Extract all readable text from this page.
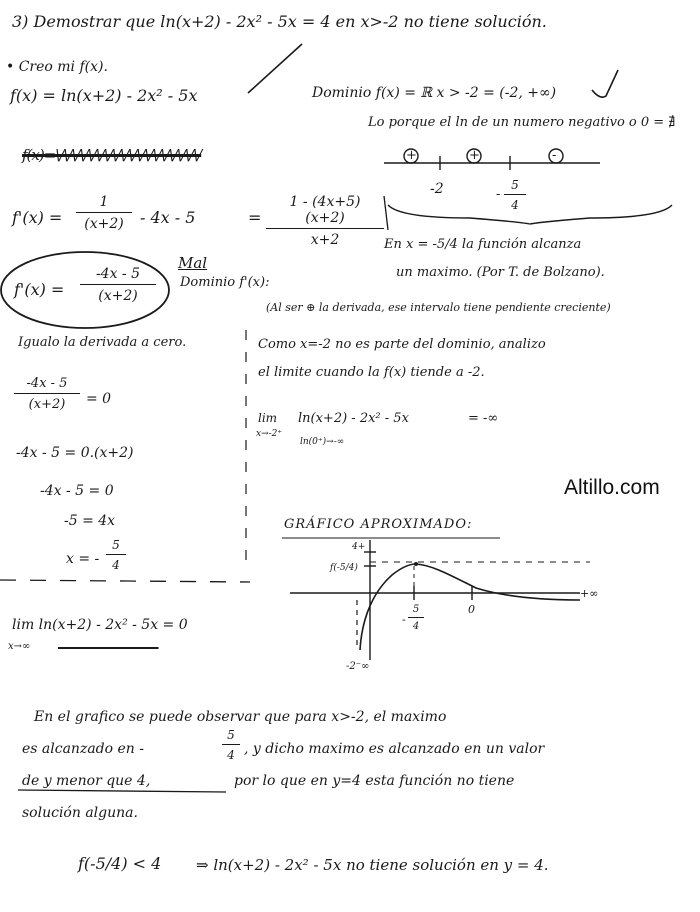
3) Demostrar que ln(x+2) - 2x² - 5x = 4 en x>-2 no tiene solución.
• Creo mi f(x).
f(x) = ln(x+2) - 2x² - 5x	Dominio f(x) = ℝ x > -2 = (-2, +∞)
Lo porque el ln de un numero negativo o 0 = ∄
f(x)=\/\/\/\/\/\/\/\/\/\/\/\/\/\/\/\/\/\/	+	+	-
-2	- $\frac{5}{4}$
$f'(x) = \frac{1}{(x+2)} - 4x - 5$	= $\frac{1 - (4x+5)(x+2)}{x+2}$
$f'(x) = \frac{-4x - 5}{(x+2)}$
Mal
Dominio f'(x):
En x = -5/4 la función alcanza
un maximo. (Por T. de Bolzano).
(Al ser ⊕ la derivada, ese intervalo tiene pendiente creciente)
Igualo la derivada a cero.
$\frac{-4x - 5}{(x+2)} = 0$
-4x - 5 = 0.(x+2)
-4x - 5 = 0
-5 = 4x
x = - $\frac{5}{4}$
Como x=-2 no es parte del dominio, analizo
el limite cuando la f(x) tiende a -2.
lim
x→-2⁺
ln(x+2) - 2x² - 5x
ln(0⁺)→-∞
= -∞
Altillo.com
GRÁFICO APROXIMADO:
4+
f(-5/4)
- $\frac{5}{4}$	0
+∞
-2⁻∞
lim ln(x+2) - 2x² - 5x = 0
x→∞ ~~~~~~~~~~
En el grafico se puede observar que para x>-2, el maximo
es alcanzado en -	$\frac{5}{4}$ , y dicho maximo es alcanzado en un valor
de y menor que 4,	por lo que en y=4 esta función no tiene
solución alguna.
f(-5/4) < 4 ⇒ ln(x+2) - 2x² - 5x no tiene solución en y = 4.
